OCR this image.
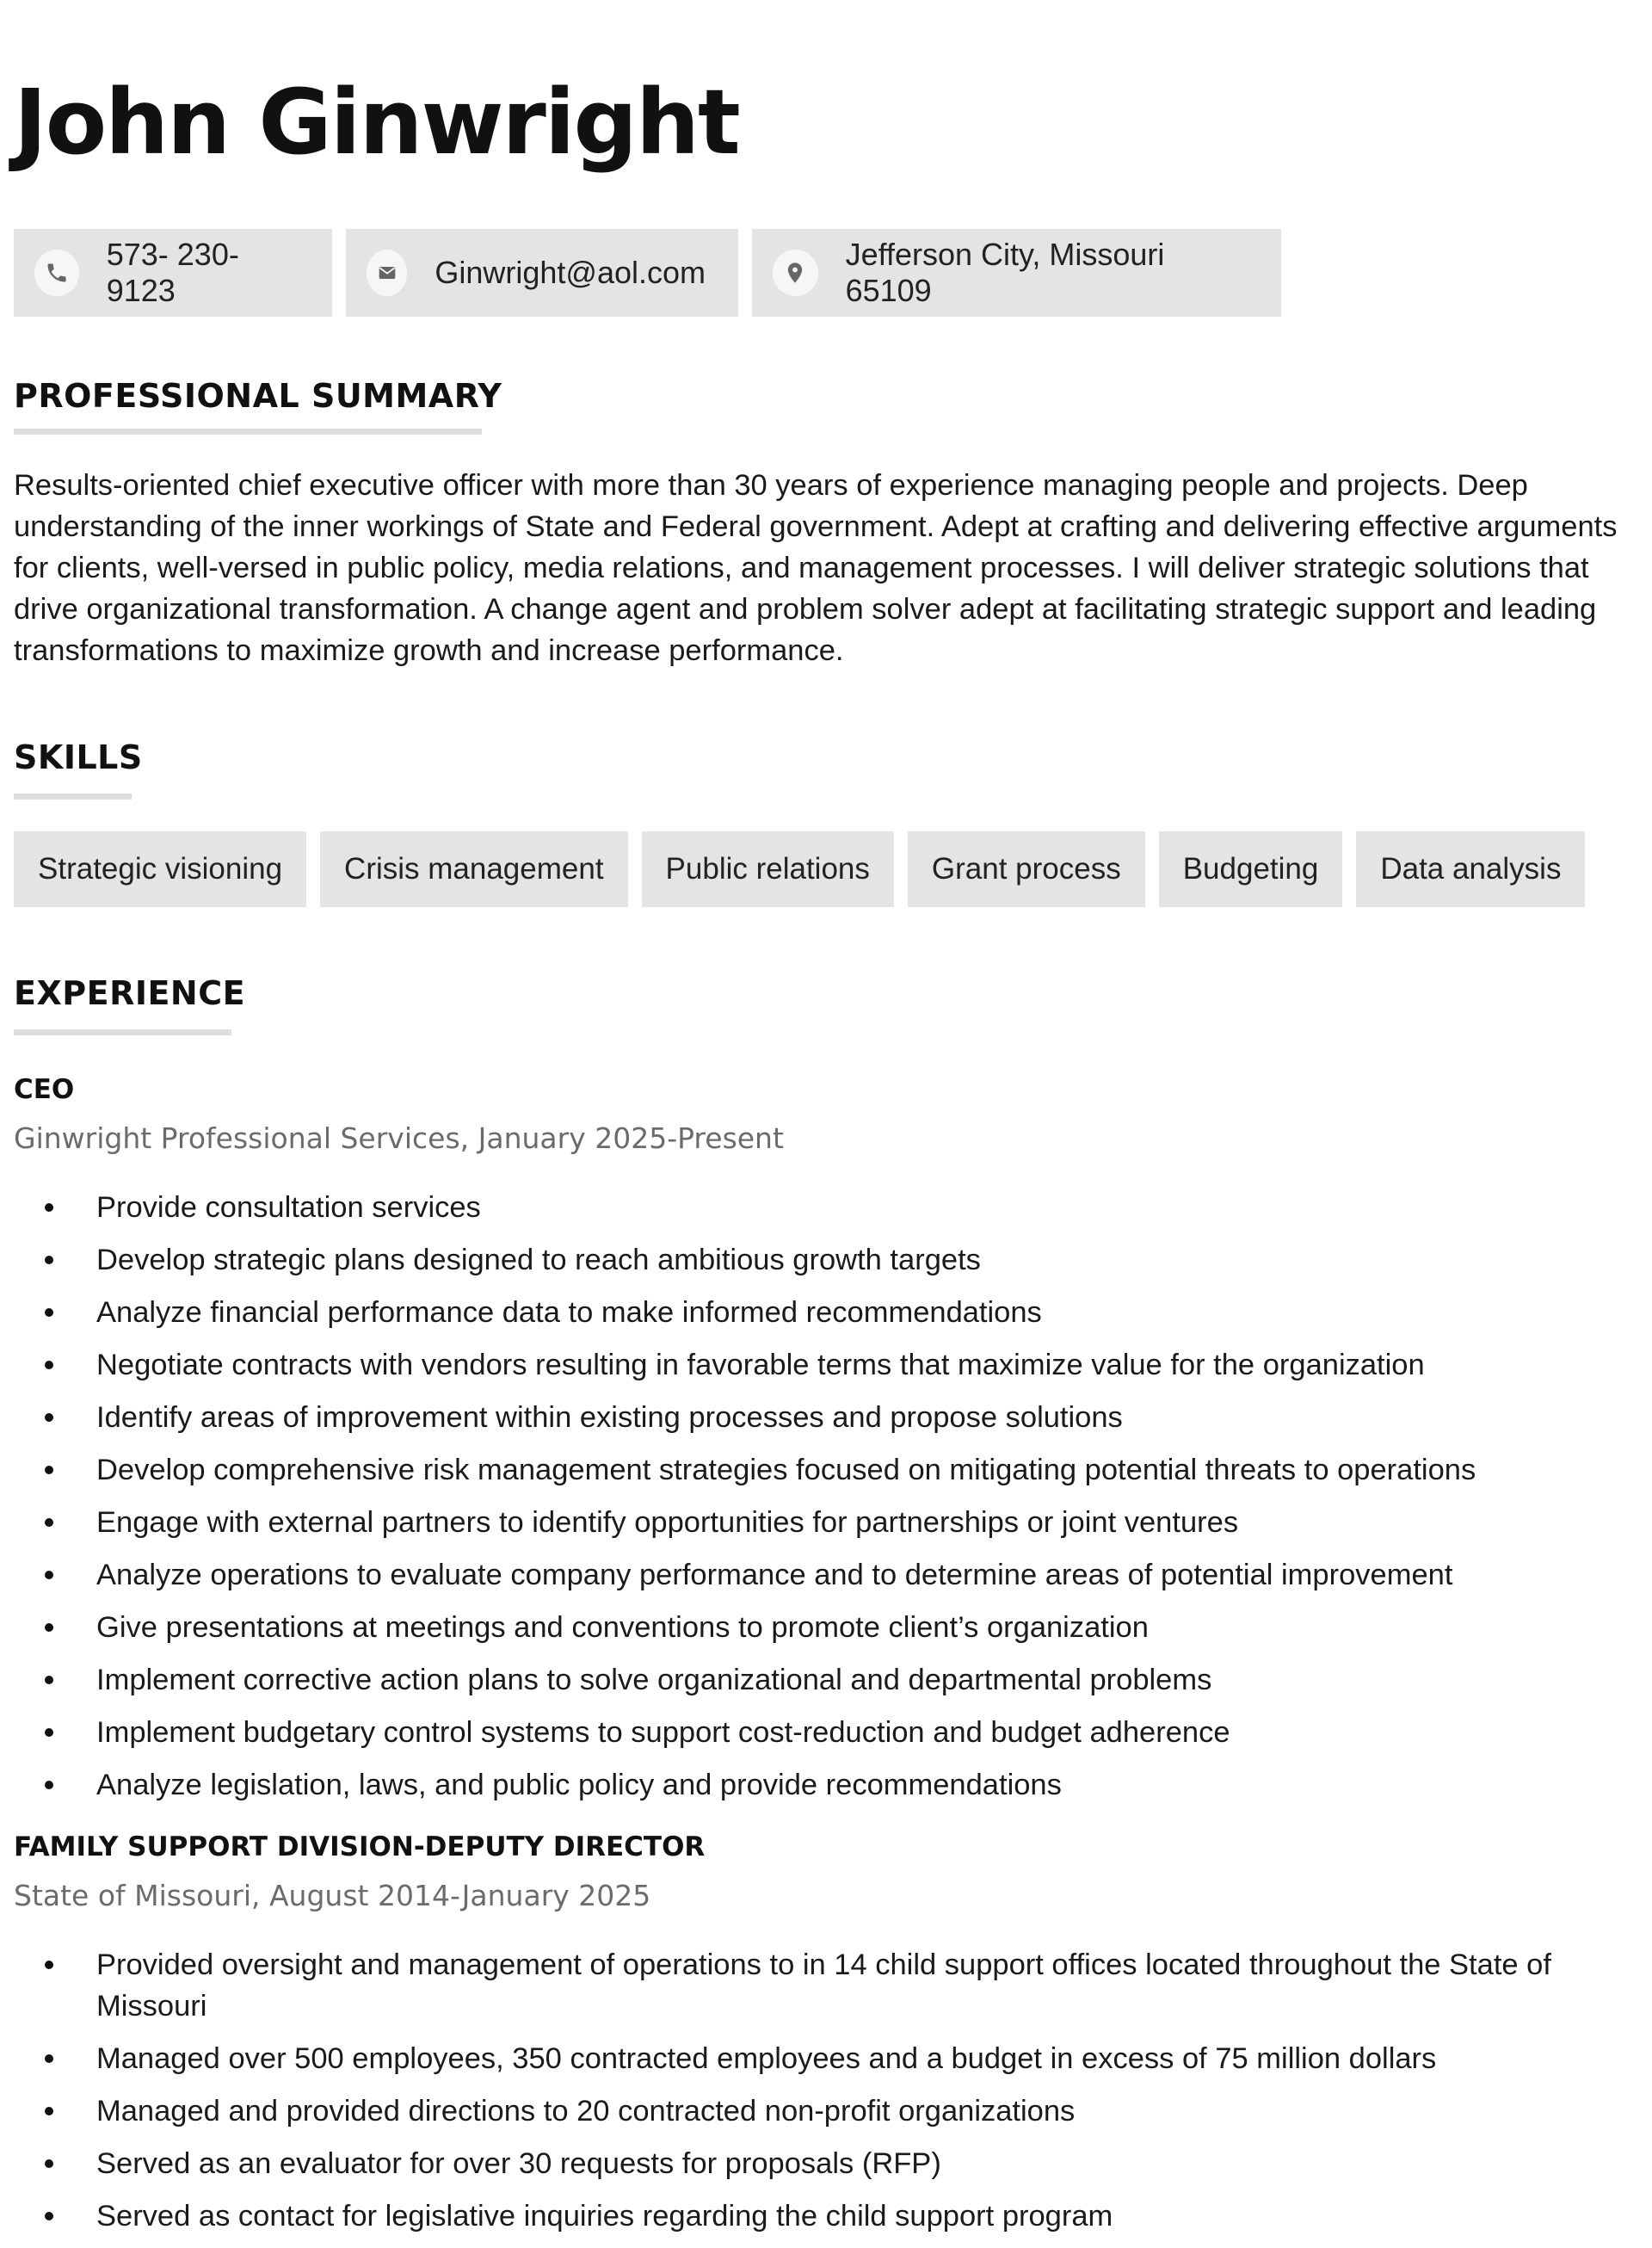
John Ginwright
573- 230-9123
Ginwright@aol.com
Jefferson City, Missouri 65109
PROFESSIONAL SUMMARY
Results-oriented chief executive officer with more than 30 years of experience managing people and projects. Deep understanding of the inner workings of State and Federal government. Adept at crafting and delivering effective arguments for clients, well-versed in public policy, media relations, and management processes. I will deliver strategic solutions that drive organizational transformation. A change agent and problem solver adept at facilitating strategic support and leading transformations to maximize growth and increase performance.
SKILLS
Strategic visioning	Crisis management	Public relations	Grant process	Budgeting	Data analysis
EXPERIENCE
CEO
Ginwright Professional Services, January 2025-Present
Provide consultation services
Develop strategic plans designed to reach ambitious growth targets
Analyze financial performance data to make informed recommendations
Negotiate contracts with vendors resulting in favorable terms that maximize value for the organization
Identify areas of improvement within existing processes and propose solutions
Develop comprehensive risk management strategies focused on mitigating potential threats to operations
Engage with external partners to identify opportunities for partnerships or joint ventures
Analyze operations to evaluate company performance and to determine areas of potential improvement
Give presentations at meetings and conventions to promote client’s organization
Implement corrective action plans to solve organizational and departmental problems
Implement budgetary control systems to support cost-reduction and budget adherence
Analyze legislation, laws, and public policy and provide recommendations
FAMILY SUPPORT DIVISION-DEPUTY DIRECTOR
State of Missouri, August 2014-January 2025
Provided oversight and management of operations to in 14 child support offices located throughout the State of Missouri
Managed over 500 employees, 350 contracted employees and a budget in excess of 75 million dollars
Managed and provided directions to 20 contracted non-profit organizations
Served as an evaluator for over 30 requests for proposals (RFP)
Served as contact for legislative inquiries regarding the child support program
